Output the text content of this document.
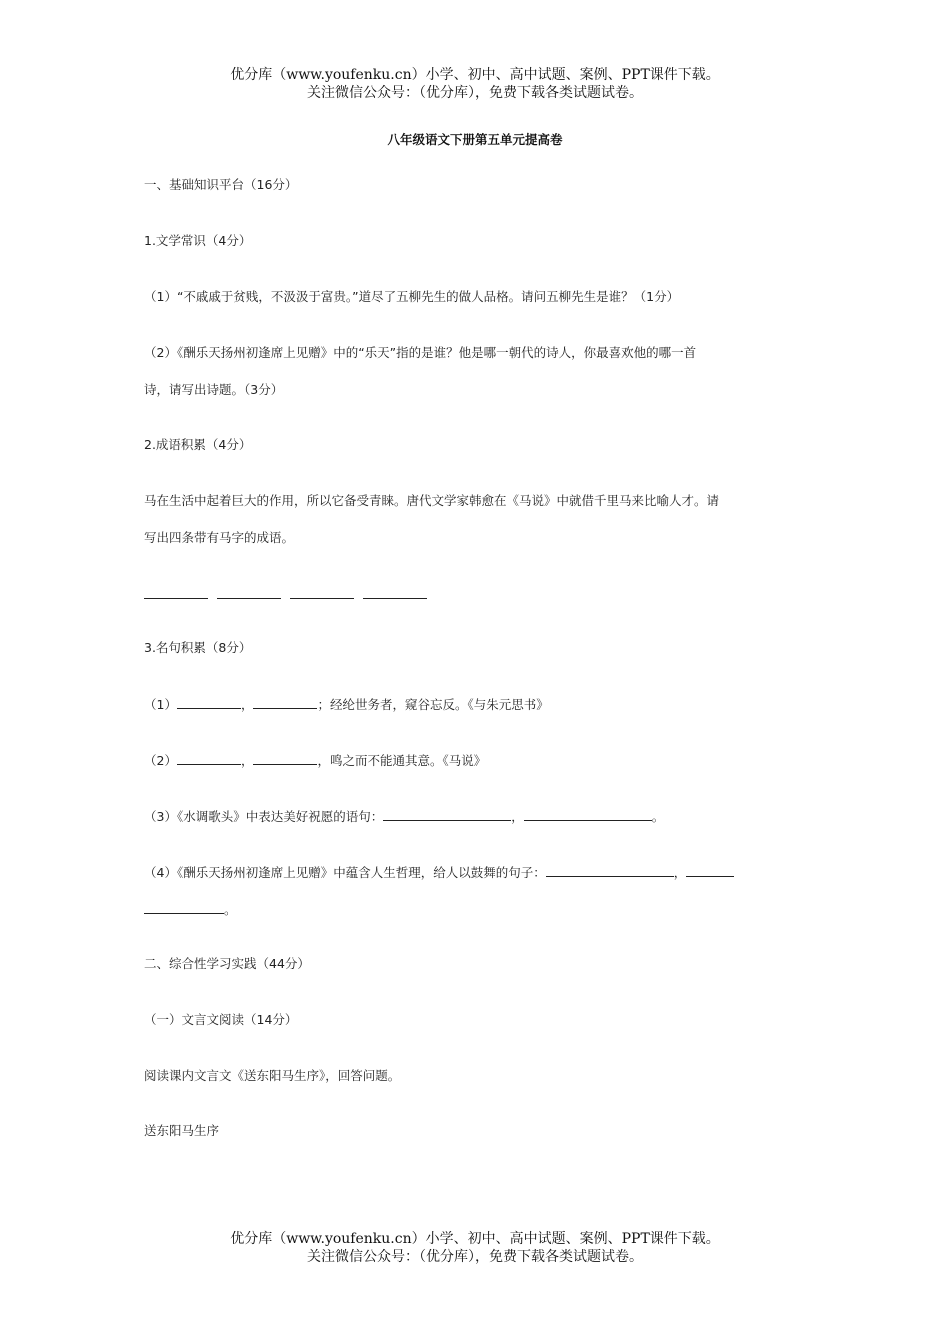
优分库（www.youfenku.cn）小学、初中、高中试题、案例、PPT课件下载。
关注微信公众号：（优分库），免费下载各类试题试卷。
八年级语文下册第五单元提高卷
一、基础知识平台（16分）
1.文学常识（4分）
（1）“不戚戚于贫贱，不汲汲于富贵。”道尽了五柳先生的做人品格。请问五柳先生是谁？（1分）
（2）《酬乐天扬州初逢席上见赠》中的“乐天”指的是谁？他是哪一朝代的诗人，你最喜欢他的哪一首
诗，请写出诗题。（3分）
2.成语积累（4分）
马在生活中起着巨大的作用，所以它备受青睐。唐代文学家韩愈在《马说》中就借千里马来比喻人才。请
写出四条带有马字的成语。
3.名句积累（8分）
（1）	，	；经纶世务者，窥谷忘反。《与朱元思书》
（2）	，	，鸣之而不能通其意。《马说》
（3）《水调歌头》中表达美好祝愿的语句：	，	。
（4）《酬乐天扬州初逢席上见赠》中蕴含人生哲理，给人以鼓舞的句子：	，
。
二、综合性学习实践（44分）
（一）文言文阅读（14分）
阅读课内文言文《送东阳马生序》，回答问题。
送东阳马生序
优分库（www.youfenku.cn）小学、初中、高中试题、案例、PPT课件下载。
关注微信公众号：（优分库），免费下载各类试题试卷。
